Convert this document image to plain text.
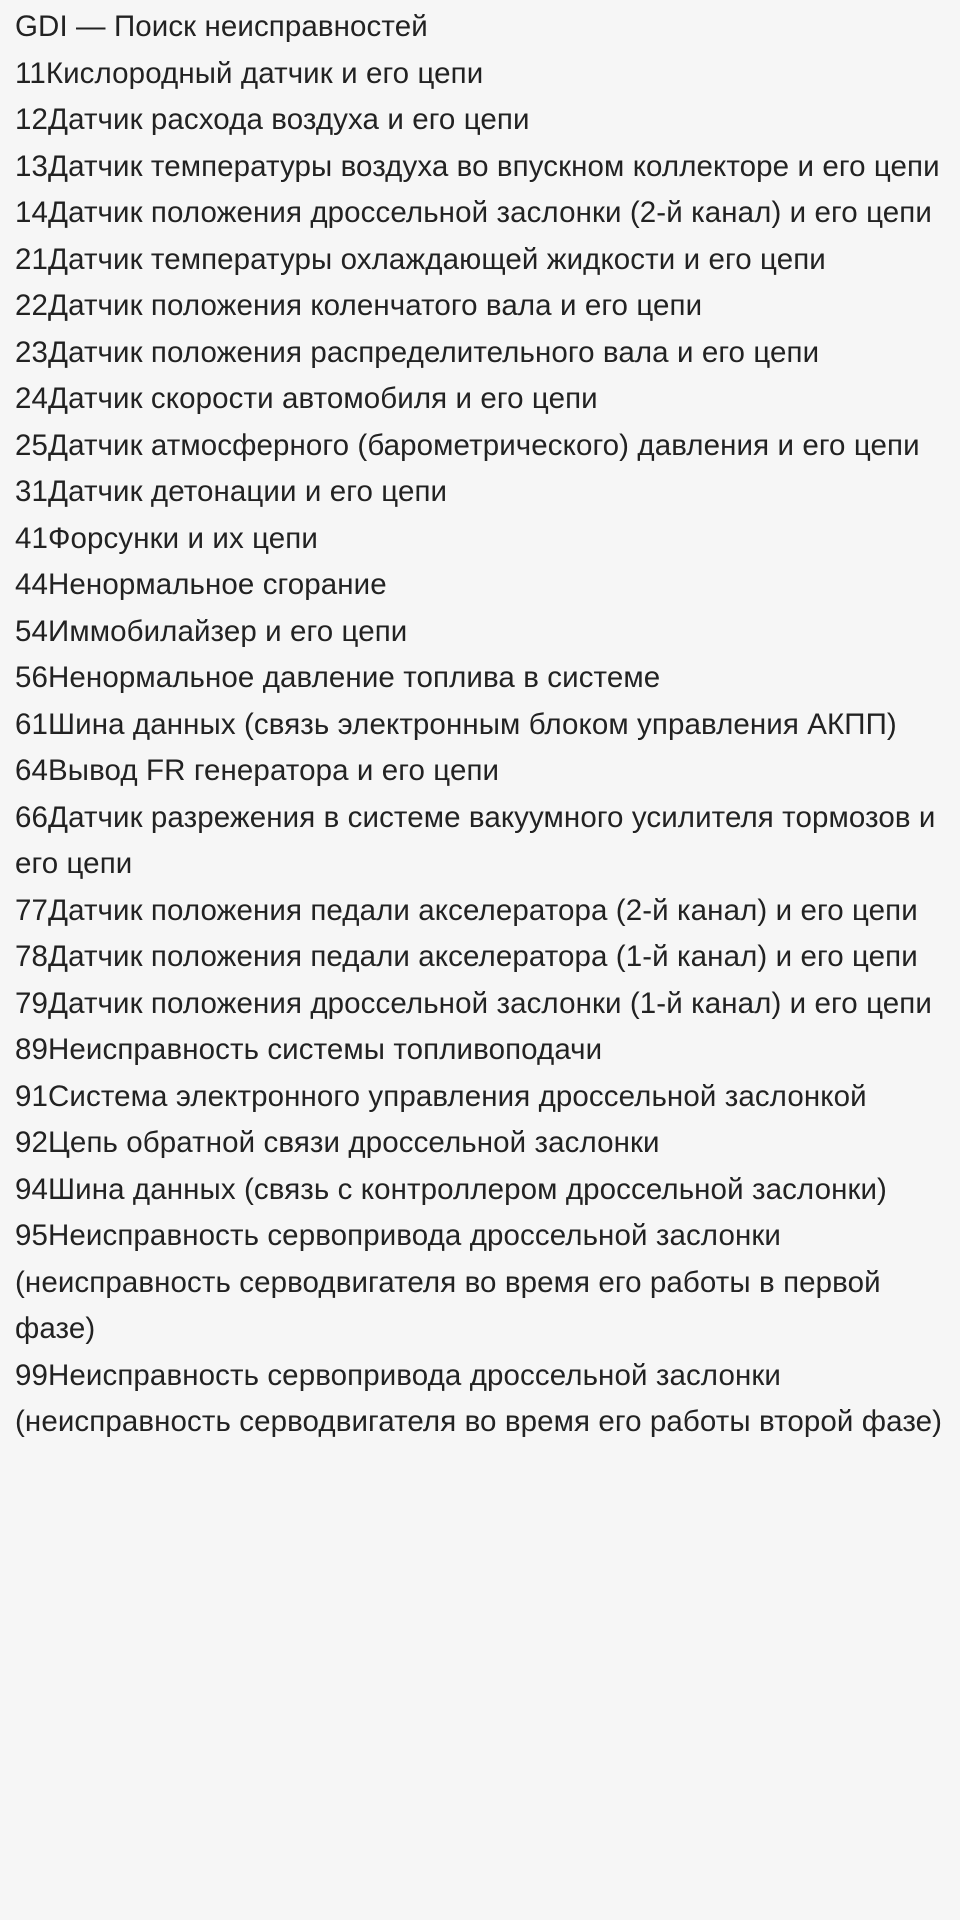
GDI — Поиск неисправностей
11Кислородный датчик и его цепи
12Датчик расхода воздуха и его цепи
13Датчик температуры воздуха во впускном коллекторе и его цепи
14Датчик положения дроссельной заслонки (2-й канал) и его цепи
21Датчик температуры охлаждающей жидкости и его цепи
22Датчик положения коленчатого вала и его цепи
23Датчик положения распределительного вала и его цепи
24Датчик скорости автомобиля и его цепи
25Датчик атмосферного (барометрического) давления и его цепи
31Датчик детонации и его цепи
41Форсунки и их цепи
44Ненормальное сгорание
54Иммобилайзер и его цепи
56Ненормальное давление топлива в системе
61Шина данных (связь электронным блоком управления АКПП)
64Вывод FR генератора и его цепи
66Датчик разрежения в системе вакуумного усилителя тормозов и его цепи
77Датчик положения педали акселератора (2-й канал) и его цепи
78Датчик положения педали акселератора (1-й канал) и его цепи
79Датчик положения дроссельной заслонки (1-й канал) и его цепи
89Неисправность системы топливоподачи
91Система электронного управления дроссельной заслонкой
92Цепь обратной связи дроссельной заслонки
94Шина данных (связь с контроллером дроссельной заслонки)
95Неисправность сервопривода дроссельной заслонки (неисправность серводвигателя во время его работы в первой фазе)
99Неисправность сервопривода дроссельной заслонки (неисправность серводвигателя во время его работы второй фазе)
